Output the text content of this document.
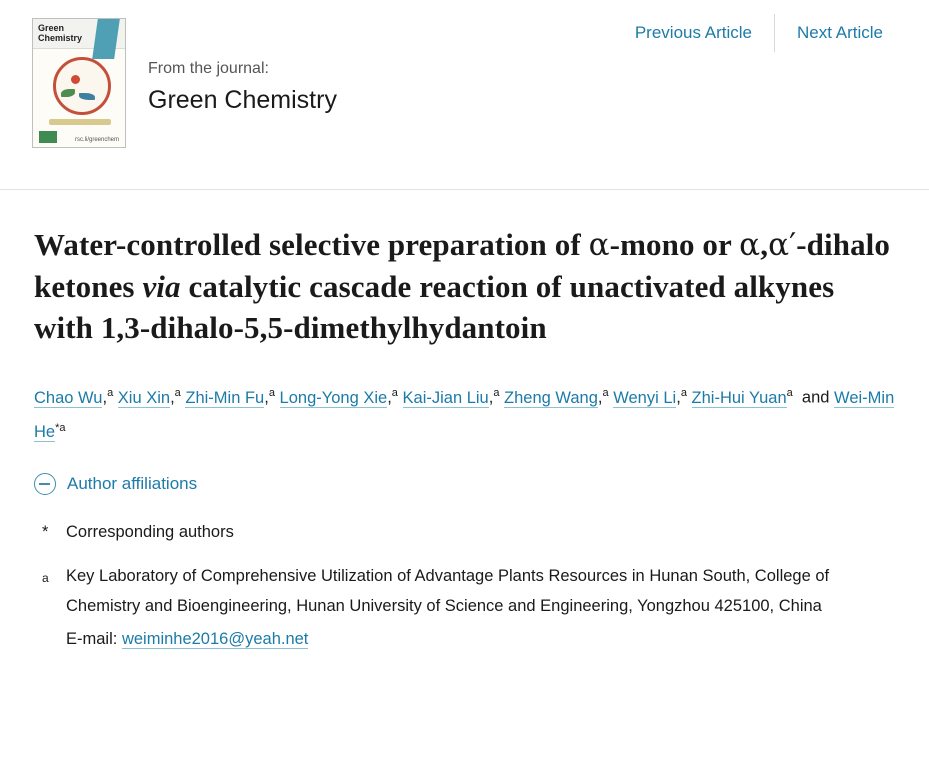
Previous Article	Next Article
Green Chemistry
rsc.li/greenchem
From the journal:
Green Chemistry
Water-controlled selective preparation of α-mono or α,α′-dihalo ketones via catalytic cascade reaction of unactivated alkynes with 1,3-dihalo-5,5-dimethylhydantoin
Chao Wu,$^a$ Xiu Xin,$^a$ Zhi-Min Fu,$^a$ Long-Yong Xie,$^a$ Kai-Jian Liu,$^a$ Zheng Wang,$^a$ Wenyi Li,$^a$ Zhi-Hui Yuan$^a$  and Wei-Min He$^{*a}$
Author affiliations
*	Corresponding authors
a	Key Laboratory of Comprehensive Utilization of Advantage Plants Resources in Hunan South, College of Chemistry and Bioengineering, Hunan University of Science and Engineering, Yongzhou 425100, China
E-mail: weiminhe2016@yeah.net
